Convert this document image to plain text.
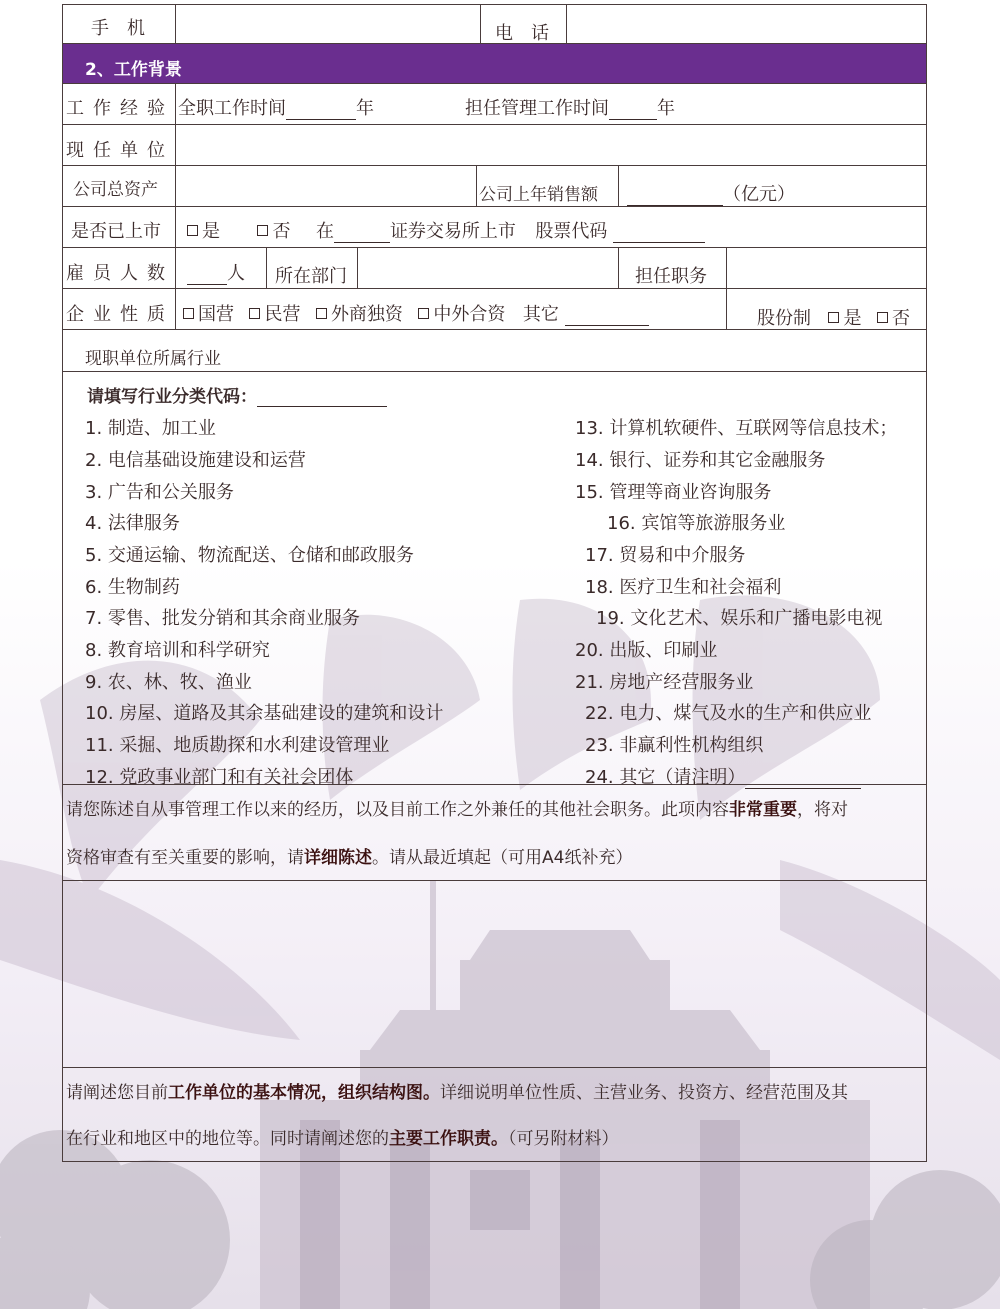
手　机	电　话
2、工作背景
工作经验 全职工作时间	年	担任管理工作时间	年
现任单位
公司总资产	公司上年销售额	（亿元）
是否已上市	是	否 在	证券交易所上市 股票代码
雇员人数	人 所在部门	担任职务
企业性质	国营 民营 外商独资 中外合资 其它	股份制 是 否
现职单位所属行业
请填写行业分类代码：
1. 制造、加工业
2. 电信基础设施建设和运营
3. 广告和公关服务
4. 法律服务
5. 交通运输、物流配送、仓储和邮政服务
6. 生物制药
7. 零售、批发分销和其余商业服务
8. 教育培训和科学研究
9. 农、林、牧、渔业
10. 房屋、道路及其余基础建设的建筑和设计
11. 采掘、地质勘探和水利建设管理业
12. 党政事业部门和有关社会团体
13. 计算机软硬件、互联网等信息技术；
14. 银行、证券和其它金融服务
15. 管理等商业咨询服务
16. 宾馆等旅游服务业
17. 贸易和中介服务
18. 医疗卫生和社会福利
19. 文化艺术、娱乐和广播电影电视
20. 出版、印刷业
21. 房地产经营服务业
22. 电力、煤气及水的生产和供应业
23. 非赢利性机构组织
24. 其它（请注明）
请您陈述自从事管理工作以来的经历，以及目前工作之外兼任的其他社会职务。此项内容非常重要，将对
资格审查有至关重要的影响，请详细陈述。请从最近填起（可用A4纸补充）
请阐述您目前工作单位的基本情况，组织结构图。详细说明单位性质、主营业务、投资方、经营范围及其
在行业和地区中的地位等。同时请阐述您的主要工作职责。（可另附材料）
